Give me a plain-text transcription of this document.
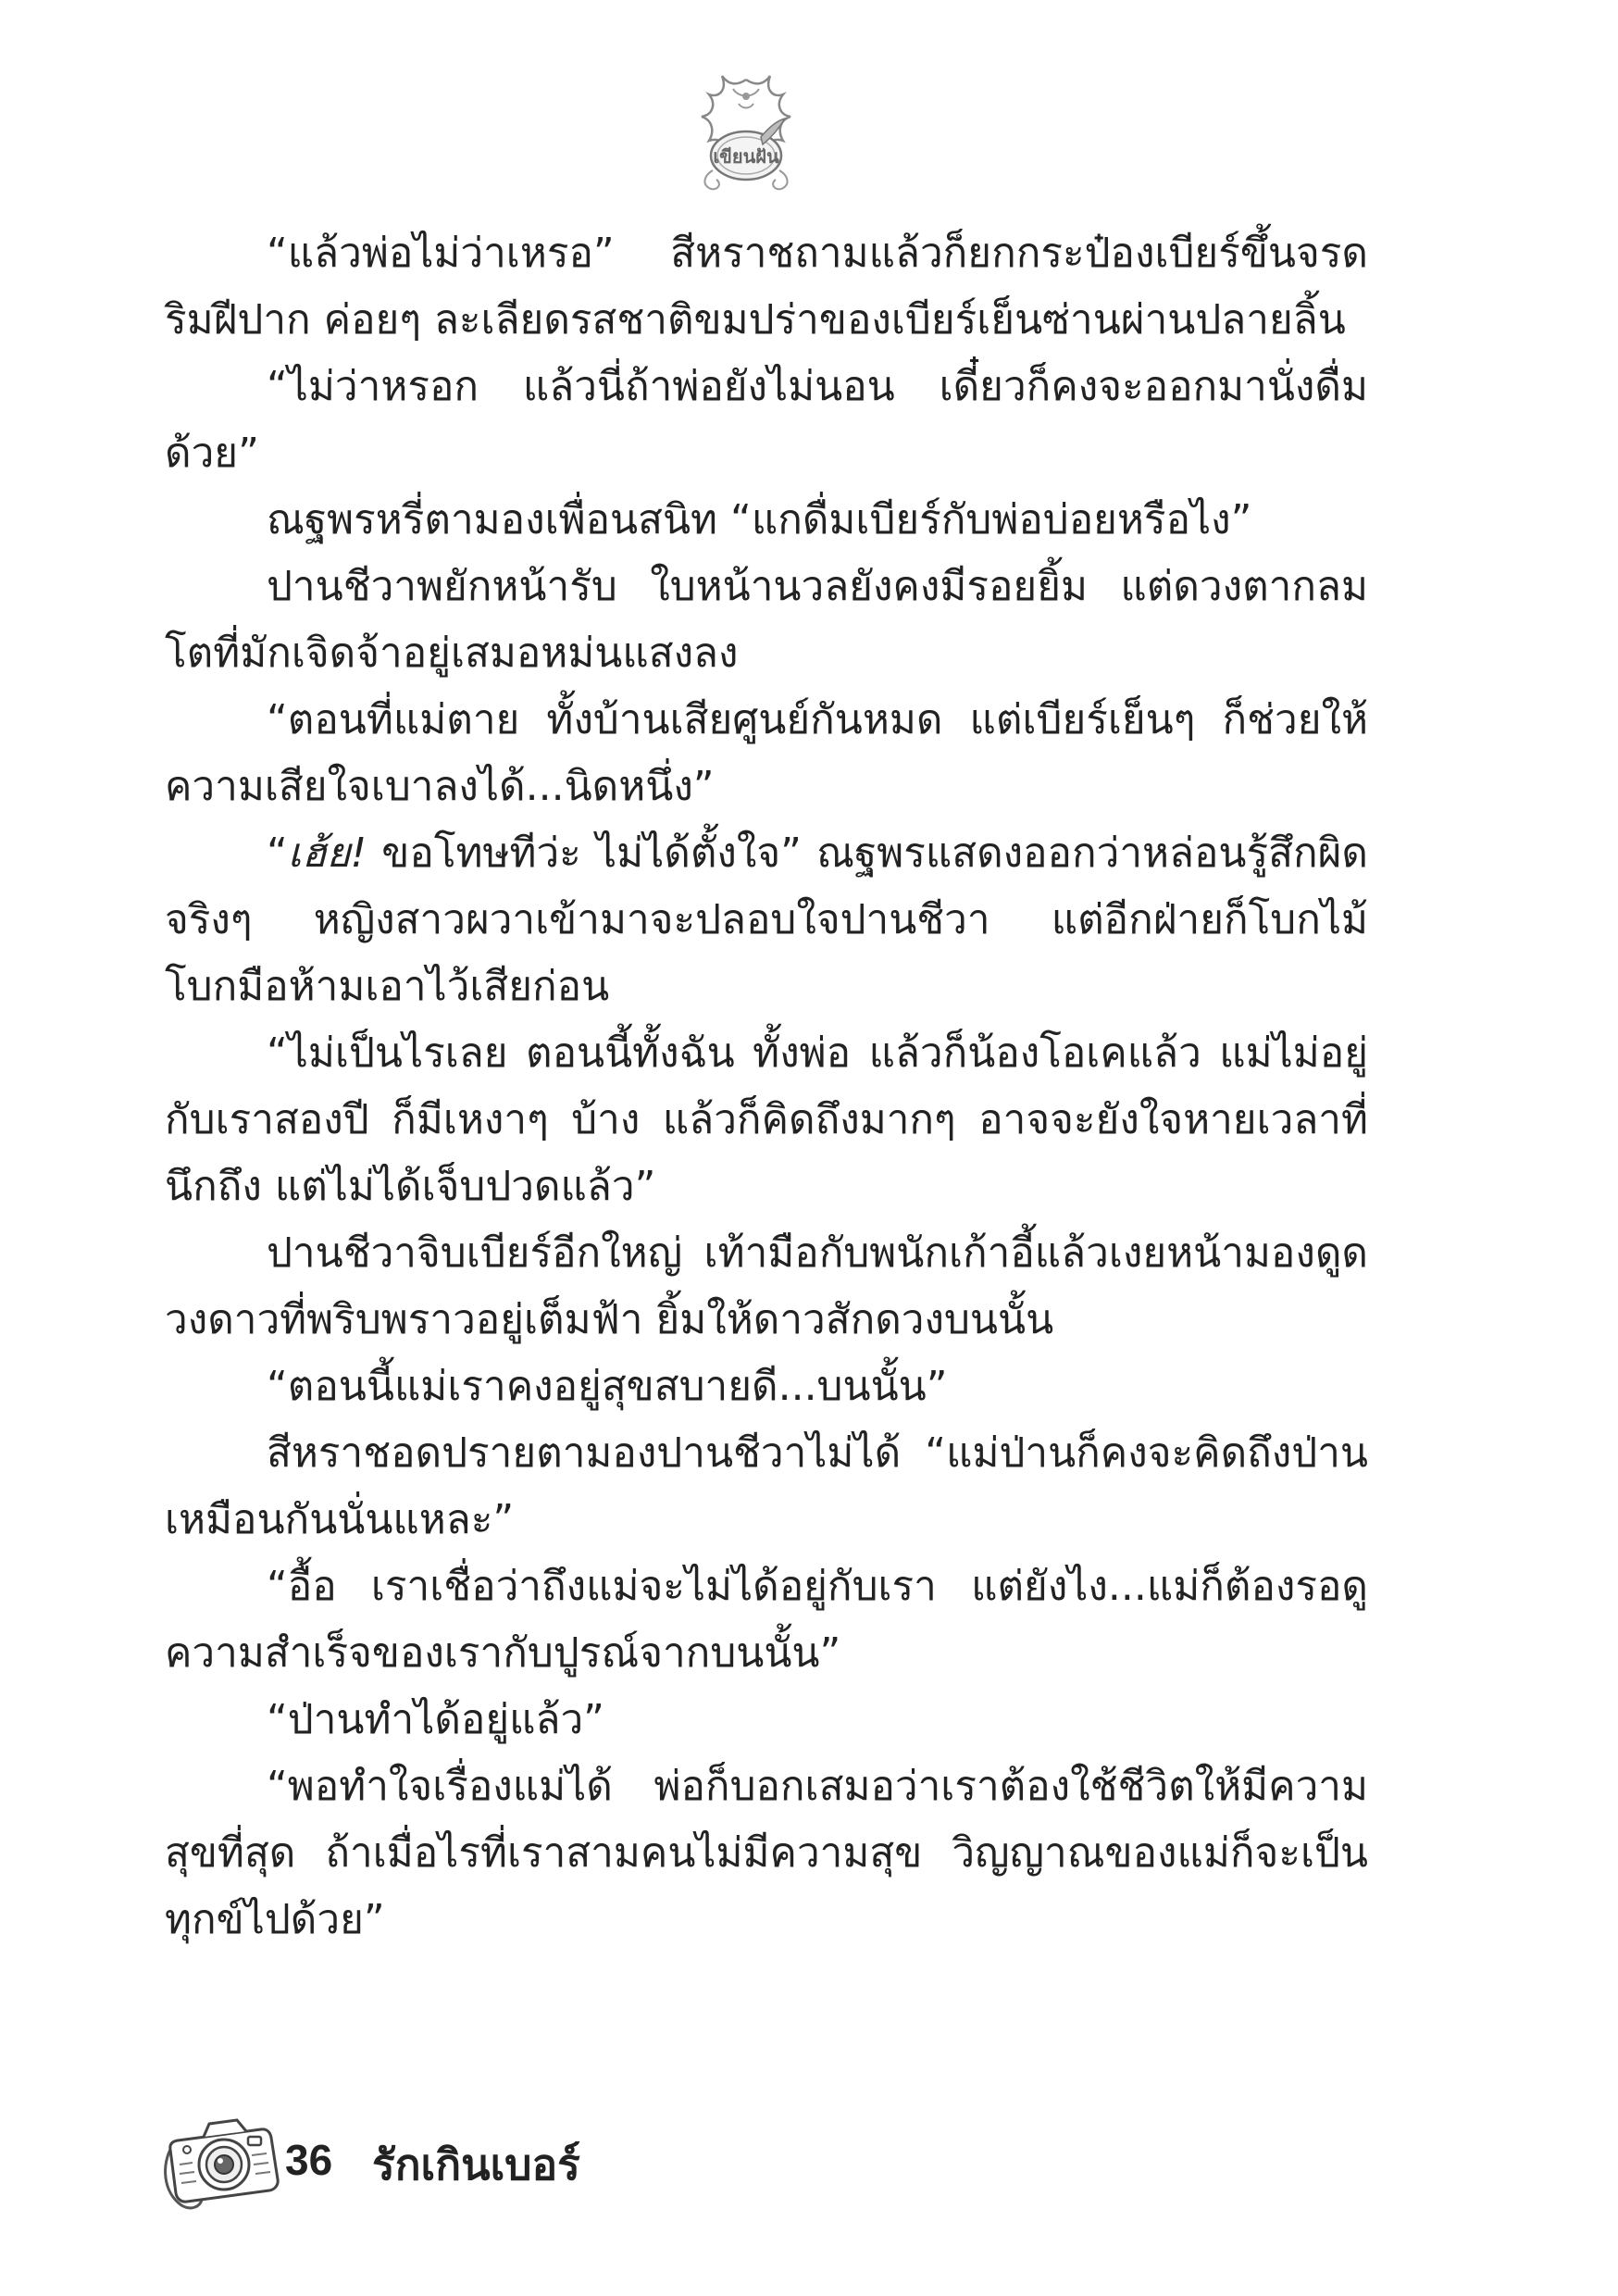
เขียนฝัน

“แล้วพ่อไม่ว่าเหรอ” สีหราชถามแล้วก็ยกกระป๋องเบียร์ขึ้นจรดริมฝีปาก ค่อยๆ ละเลียดรสชาติขมปร่าของเบียร์เย็นซ่านผ่านปลายลิ้น

“ไม่ว่าหรอก แล้วนี่ถ้าพ่อยังไม่นอน เดี๋ยวก็คงจะออกมานั่งดื่มด้วย”

ณฐพรหรี่ตามองเพื่อนสนิท “แกดื่มเบียร์กับพ่อบ่อยหรือไง”

ปานชีวาพยักหน้ารับ ใบหน้านวลยังคงมีรอยยิ้ม แต่ดวงตากลมโตที่มักเจิดจ้าอยู่เสมอหม่นแสงลง

“ตอนที่แม่ตาย ทั้งบ้านเสียศูนย์กันหมด แต่เบียร์เย็นๆ ก็ช่วยให้ความเสียใจเบาลงได้...นิดหนึ่ง”

“เฮ้ย! ขอโทษทีว่ะ ไม่ได้ตั้งใจ” ณฐพรแสดงออกว่าหล่อนรู้สึกผิดจริงๆ หญิงสาวผวาเข้ามาจะปลอบใจปานชีวา แต่อีกฝ่ายก็โบกไม้โบกมือห้ามเอาไว้เสียก่อน

“ไม่เป็นไรเลย ตอนนี้ทั้งฉัน ทั้งพ่อ แล้วก็น้องโอเคแล้ว แม่ไม่อยู่กับเราสองปี ก็มีเหงาๆ บ้าง แล้วก็คิดถึงมากๆ อาจจะยังใจหายเวลาที่นึกถึง แต่ไม่ได้เจ็บปวดแล้ว”

ปานชีวาจิบเบียร์อีกใหญ่ เท้ามือกับพนักเก้าอี้แล้วเงยหน้ามองดูดวงดาวที่พริบพราวอยู่เต็มฟ้า ยิ้มให้ดาวสักดวงบนนั้น

“ตอนนี้แม่เราคงอยู่สุขสบายดี...บนนั้น”

สีหราชอดปรายตามองปานชีวาไม่ได้ “แม่ป่านก็คงจะคิดถึงป่านเหมือนกันนั่นแหละ”

“อื้อ เราเชื่อว่าถึงแม่จะไม่ได้อยู่กับเรา แต่ยังไง...แม่ก็ต้องรอดูความสำเร็จของเรากับปูรณ์จากบนนั้น”

“ป่านทำได้อยู่แล้ว”

“พอทำใจเรื่องแม่ได้ พ่อก็บอกเสมอว่าเราต้องใช้ชีวิตให้มีความสุขที่สุด ถ้าเมื่อไรที่เราสามคนไม่มีความสุข วิญญาณของแม่ก็จะเป็นทุกข์ไปด้วย”

36 รักเกินเบอร์
